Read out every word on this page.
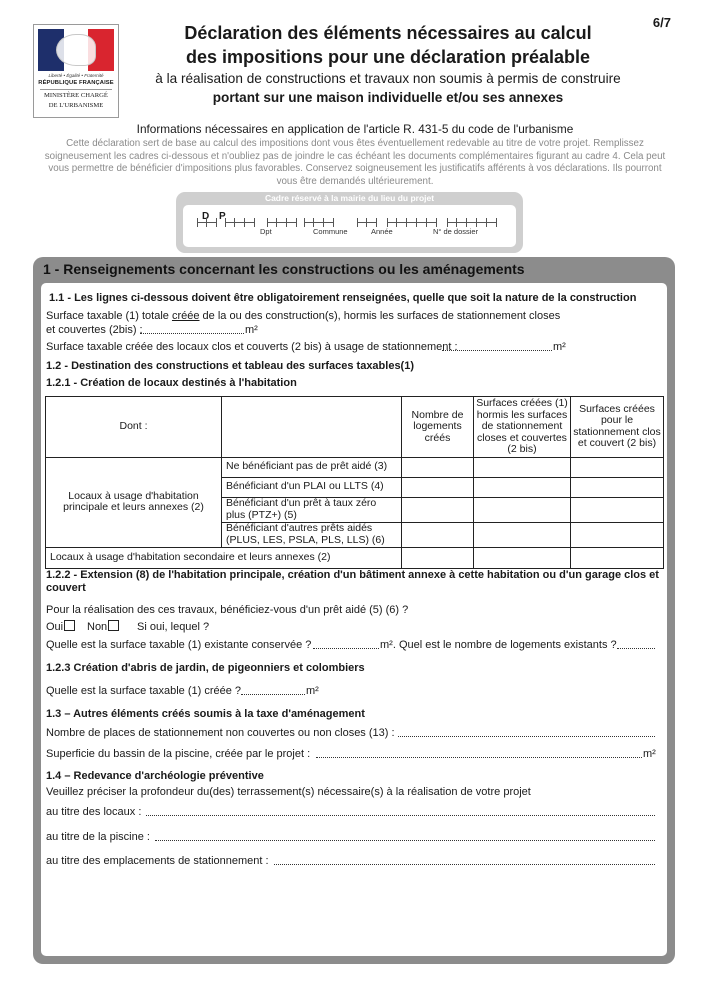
Liberté • Égalité • Fraternité
RÉPUBLIQUE FRANÇAISE
MINISTÈRE CHARGÉ
DE L'URBANISME
6/7
Déclaration des éléments nécessaires au calcul
des impositions pour une déclaration préalable
à la réalisation de constructions et travaux non soumis à permis de construire
portant sur une maison individuelle et/ou ses annexes
Informations nécessaires en application de l'article R. 431-5 du code de l'urbanisme
Cette déclaration sert de base au calcul des impositions dont vous êtes éventuellement redevable au titre de votre projet. Remplissez
soigneusement les cadres ci-dessous et n'oubliez pas de joindre le cas échéant les documents complémentaires figurant au cadre 4. Cela peut
vous permettre de bénéficier d'impositions plus favorables. Conservez soigneusement les justificatifs afférents à vos déclarations. Ils pourront
vous être demandés ultérieurement.
Cadre réservé à la mairie du lieu du projet
D P
Dpt	Commune	Année	N° de dossier
1 - Renseignements concernant les constructions ou les aménagements
1.1 - Les lignes ci-dessous doivent être obligatoirement renseignées, quelle que soit la nature de la construction
Surface taxable (1) totale créée de la ou des construction(s), hormis les surfaces de stationnement closes
et couvertes (2bis) :	m²
Surface taxable créée des locaux clos et couverts (2 bis) à usage de stationnement :	m²
1.2 - Destination des constructions et tableau des surfaces taxables(1)
1.2.1 - Création de locaux destinés à l'habitation
Dont :		Nombre de logements créés	Surfaces créées (1) hormis les surfaces de stationnement closes et couvertes (2 bis)	Surfaces créées pour le stationnement clos et couvert (2 bis)
Locaux à usage d'habitation principale et leurs annexes (2)	Ne bénéficiant pas de prêt aidé (3)			
	Bénéficiant d'un PLAI ou LLTS (4)			
	Bénéficiant d'un prêt à taux zéro plus (PTZ+) (5)			
	Bénéficiant d'autres prêts aidés (PLUS, LES, PSLA, PLS, LLS) (6)			
Locaux à usage d'habitation secondaire et leurs annexes (2)				
1.2.2 - Extension (8) de l'habitation principale, création d'un bâtiment annexe à cette habitation ou d'un garage clos et
couvert
Pour la réalisation des ces travaux, bénéficiez-vous d'un prêt aidé (5) (6) ?
Oui	Non	Si oui, lequel ?
Quelle est la surface taxable (1) existante conservée ?	m². Quel est le nombre de logements existants ?
1.2.3 Création d'abris de jardin, de pigeonniers et colombiers
Quelle est la surface taxable (1) créée ?	m²
1.3 – Autres éléments créés soumis à la taxe d'aménagement
Nombre de places de stationnement non couvertes ou non closes (13) :
Superficie du bassin de la piscine, créée par le projet :	m²
1.4 – Redevance d'archéologie préventive
Veuillez préciser la profondeur du(des) terrassement(s) nécessaire(s) à la réalisation de votre projet
au titre des locaux :
au titre de la piscine :
au titre des emplacements de stationnement :
